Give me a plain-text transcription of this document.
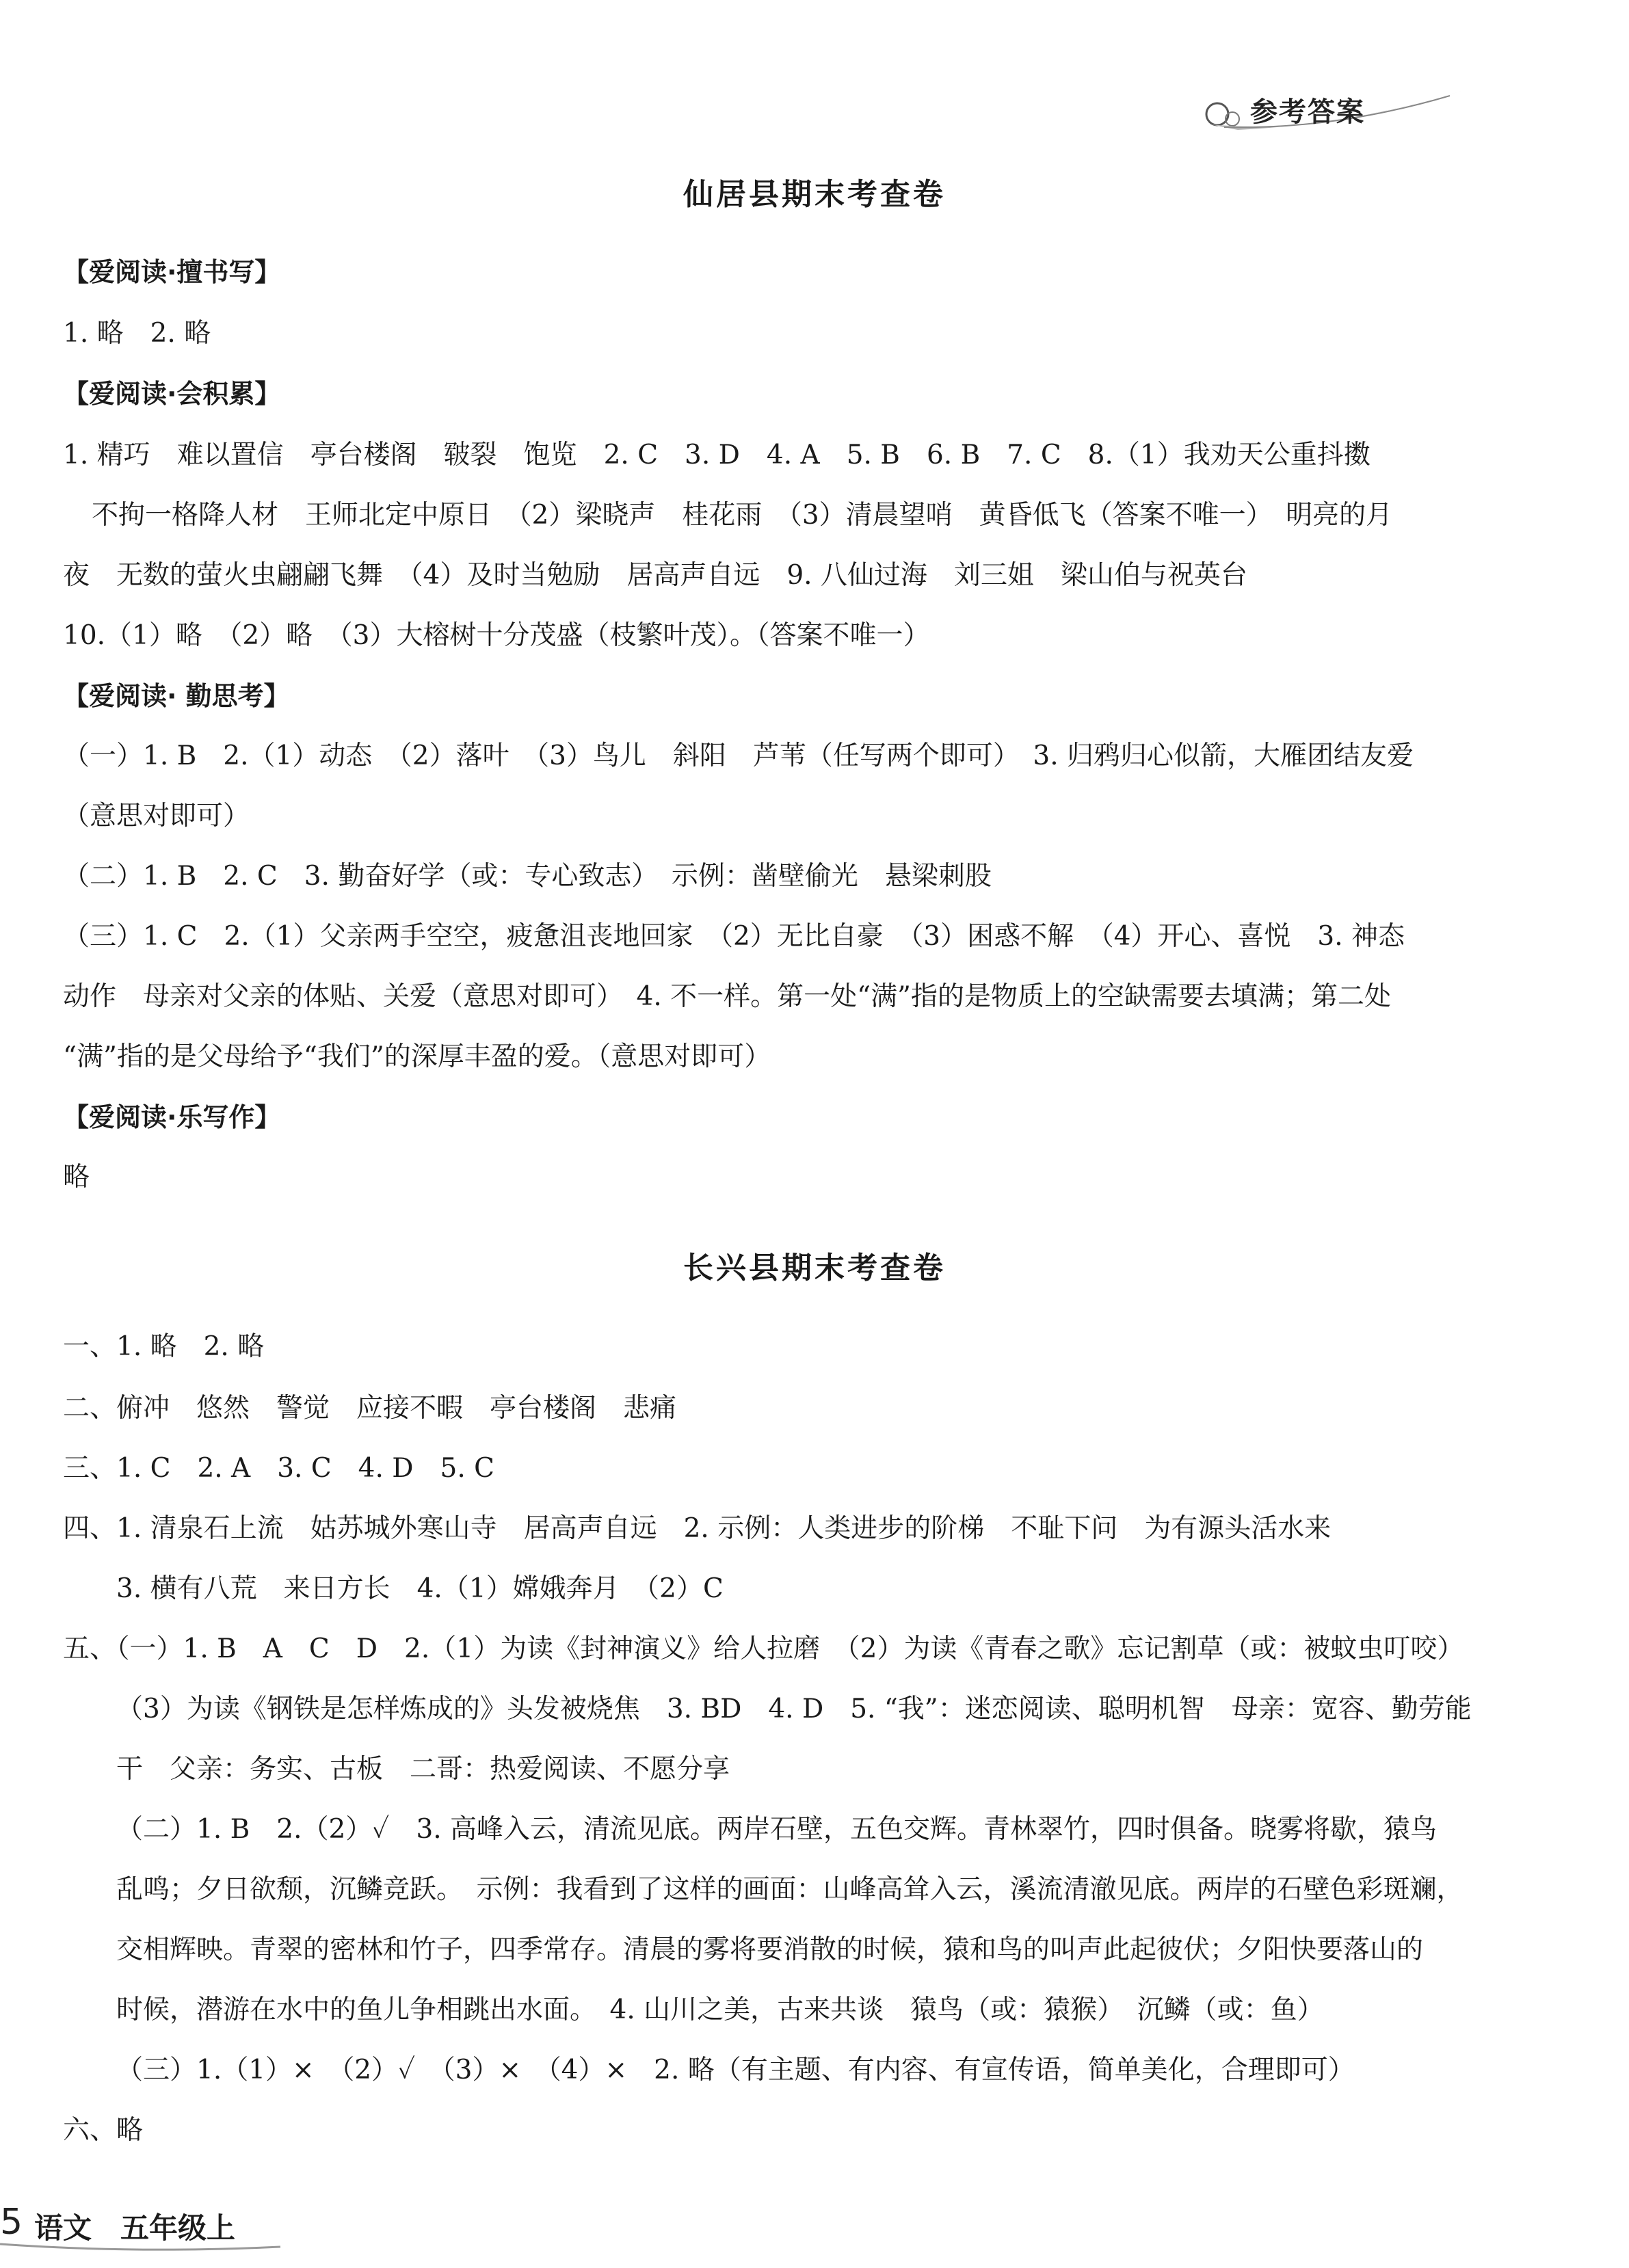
参考答案
仙居县期末考查卷
【爱阅读·擅书写】
1. 略　2. 略
【爱阅读·会积累】
1. 精巧　难以置信　亭台楼阁　皲裂　饱览　2. C　3. D　4. A　5. B　6. B　7. C　8.（1）我劝天公重抖擞
不拘一格降人材　王师北定中原日　（2）梁晓声　桂花雨　（3）清晨望哨　黄昏低飞（答案不唯一）　明亮的月
夜　无数的萤火虫翩翩飞舞　（4）及时当勉励　居高声自远　9. 八仙过海　刘三姐　梁山伯与祝英台
10.（1）略　（2）略　（3）大榕树十分茂盛（枝繁叶茂）。（答案不唯一）
【爱阅读· 勤思考】
（一）1. B　2.（1）动态　（2）落叶　（3）鸟儿　斜阳　芦苇（任写两个即可）　3. 归鸦归心似箭，大雁团结友爱
（意思对即可）
（二）1. B　2. C　3. 勤奋好学（或：专心致志）　示例：凿壁偷光　悬梁刺股
（三）1. C　2.（1）父亲两手空空，疲惫沮丧地回家　（2）无比自豪　（3）困惑不解　（4）开心、喜悦　3. 神态
动作　母亲对父亲的体贴、关爱（意思对即可）　4. 不一样。第一处“满”指的是物质上的空缺需要去填满；第二处
“满”指的是父母给予“我们”的深厚丰盈的爱。（意思对即可）
【爱阅读·乐写作】
略
长兴县期末考查卷
一、1. 略　2. 略
二、俯冲　悠然　警觉　应接不暇　亭台楼阁　悲痛
三、1. C　2. A　3. C　4. D　5. C
四、1. 清泉石上流　姑苏城外寒山寺　居高声自远　2. 示例：人类进步的阶梯　不耻下问　为有源头活水来
3. 横有八荒　来日方长　4.（1）嫦娥奔月　（2）C
五、（一）1. B　A　C　D　2.（1）为读《封神演义》给人拉磨　（2）为读《青春之歌》忘记割草（或：被蚊虫叮咬）
（3）为读《钢铁是怎样炼成的》头发被烧焦　3. BD　4. D　5. “我”：迷恋阅读、聪明机智　母亲：宽容、勤劳能
干　父亲：务实、古板　二哥：热爱阅读、不愿分享
（二）1. B　2.（2）✓　3. 高峰入云，清流见底。两岸石壁，五色交辉。青林翠竹，四时俱备。晓雾将歇，猿鸟
乱鸣；夕日欲颓，沉鳞竞跃。　示例：我看到了这样的画面：山峰高耸入云，溪流清澈见底。两岸的石壁色彩斑斓，
交相辉映。青翠的密林和竹子，四季常存。清晨的雾将要消散的时候，猿和鸟的叫声此起彼伏；夕阳快要落山的
时候，潜游在水中的鱼儿争相跳出水面。　4. 山川之美，古来共谈　猿鸟（或：猿猴）　沉鳞（或：鱼）
（三）1.（1）×　（2）✓　（3）×　（4）×　2. 略（有主题、有内容、有宣传语，简单美化，合理即可）
六、略
5 语文　五年级上
